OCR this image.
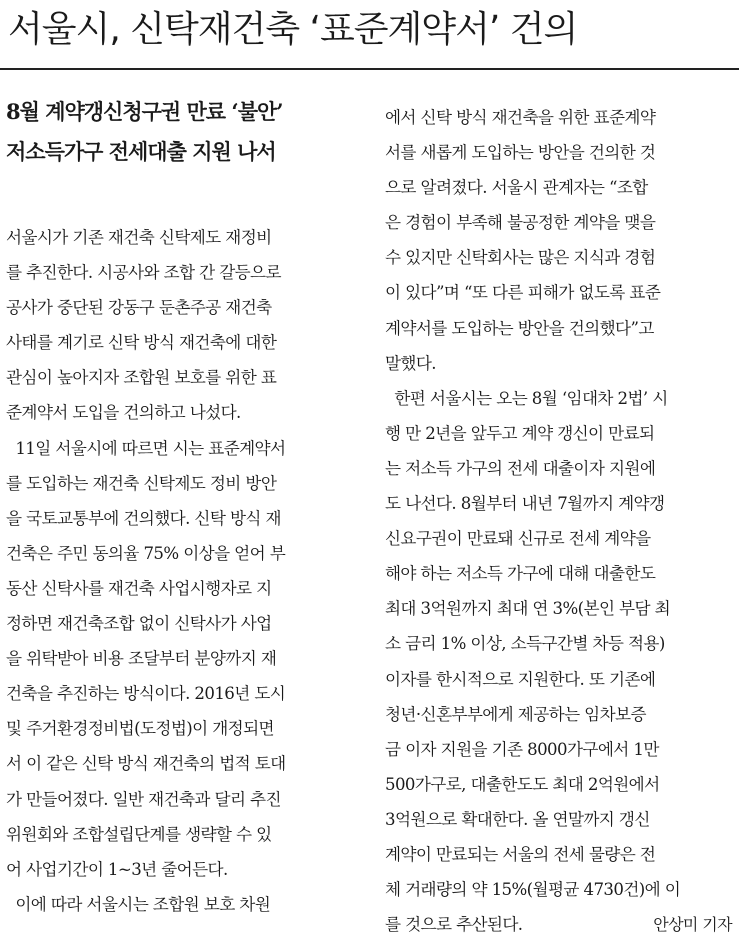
서울시, 신탁재건축 ‘표준계약서’ 건의
8월 계약갱신청구권 만료 ‘불안’
저소득가구 전세대출 지원 나서
서울시가 기존 재건축 신탁제도 재정비
를 추진한다. 시공사와 조합 간 갈등으로
공사가 중단된 강동구 둔촌주공 재건축
사태를 계기로 신탁 방식 재건축에 대한
관심이 높아지자 조합원 보호를 위한 표
준계약서 도입을 건의하고 나섰다.
11일 서울시에 따르면 시는 표준계약서
를 도입하는 재건축 신탁제도 정비 방안
을 국토교통부에 건의했다. 신탁 방식 재
건축은 주민 동의율 75% 이상을 얻어 부
동산 신탁사를 재건축 사업시행자로 지
정하면 재건축조합 없이 신탁사가 사업
을 위탁받아 비용 조달부터 분양까지 재
건축을 추진하는 방식이다. 2016년 도시
및 주거환경정비법(도정법)이 개정되면
서 이 같은 신탁 방식 재건축의 법적 토대
가 만들어졌다. 일반 재건축과 달리 추진
위원회와 조합설립단계를 생략할 수 있
어 사업기간이 1~3년 줄어든다.
이에 따라 서울시는 조합원 보호 차원
에서 신탁 방식 재건축을 위한 표준계약
서를 새롭게 도입하는 방안을 건의한 것
으로 알려졌다. 서울시 관계자는 “조합
은 경험이 부족해 불공정한 계약을 맺을
수 있지만 신탁회사는 많은 지식과 경험
이 있다”며 “또 다른 피해가 없도록 표준
계약서를 도입하는 방안을 건의했다”고
말했다.
한편 서울시는 오는 8월 ‘임대차 2법’ 시
행 만 2년을 앞두고 계약 갱신이 만료되
는 저소득 가구의 전세 대출이자 지원에
도 나선다. 8월부터 내년 7월까지 계약갱
신요구권이 만료돼 신규로 전세 계약을
해야 하는 저소득 가구에 대해 대출한도
최대 3억원까지 최대 연 3%(본인 부담 최
소 금리 1% 이상, 소득구간별 차등 적용)
이자를 한시적으로 지원한다. 또 기존에
청년·신혼부부에게 제공하는 임차보증
금 이자 지원을 기존 8000가구에서 1만
500가구로, 대출한도도 최대 2억원에서
3억원으로 확대한다. 올 연말까지 갱신
계약이 만료되는 서울의 전세 물량은 전
체 거래량의 약 15%(월평균 4730건)에 이
를 것으로 추산된다.	안상미 기자
